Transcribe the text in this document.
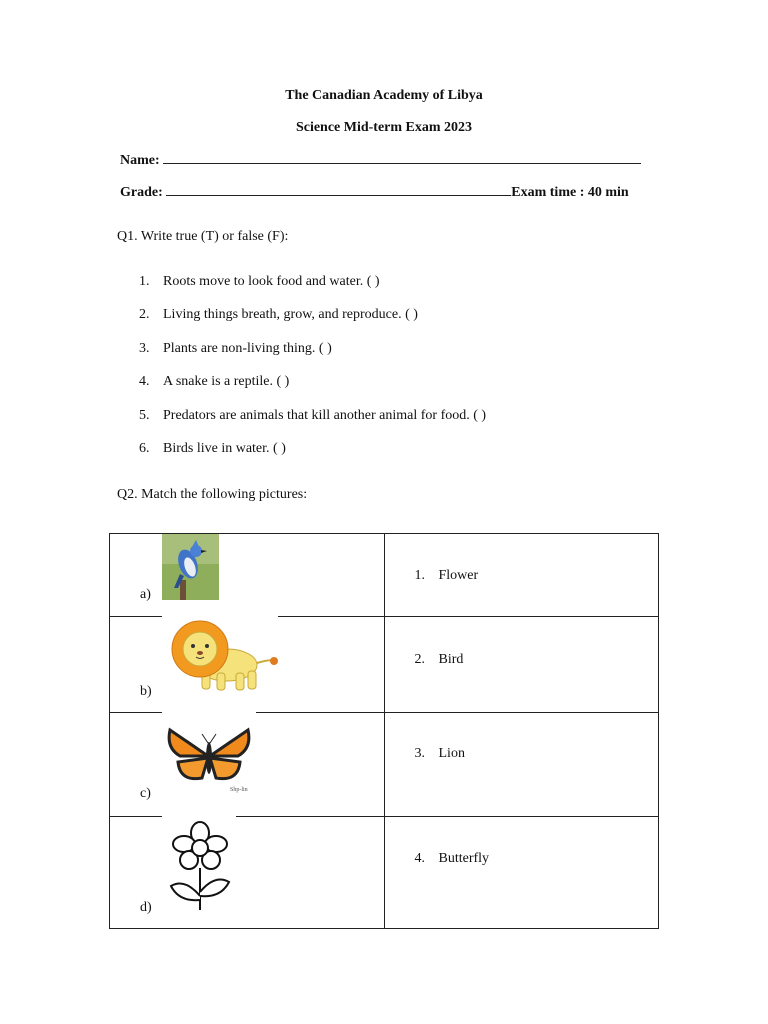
The Canadian Academy of Libya
Science Mid-term Exam 2023
Name:
Grade:	Exam time : 40 min
Q1. Write true (T) or false (F):
1. Roots move to look food and water. ( )
2. Living things breath, grow, and reproduce. ( )
3. Plants are non-living thing. ( )
4. A snake is a reptile. ( )
5. Predators are animals that kill another animal for food. ( )
6. Birds live in water. ( )
Q2. Match the following pictures:
a)	1. Flower

b)	2. Bird

Shp-lin
c)	3. Lion

d)	4. Butterfly
